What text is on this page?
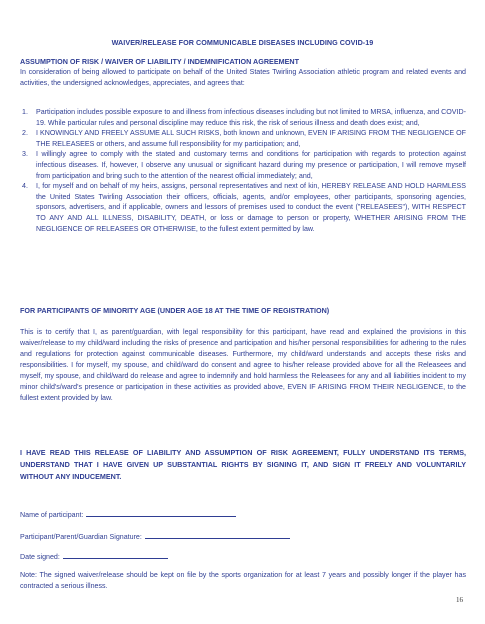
WAIVER/RELEASE FOR COMMUNICABLE DISEASES INCLUDING COVID-19
ASSUMPTION OF RISK / WAIVER OF LIABILITY / INDEMNIFICATION AGREEMENT
In consideration of being allowed to participate on behalf of the United States Twirling Association athletic program and related events and activities, the undersigned acknowledges, appreciates, and agrees that:
1. Participation includes possible exposure to and illness from infectious diseases including but not limited to MRSA, influenza, and COVID-19. While particular rules and personal discipline may reduce this risk, the risk of serious illness and death does exist; and,
2. I KNOWINGLY AND FREELY ASSUME ALL SUCH RISKS, both known and unknown, EVEN IF ARISING FROM THE NEGLIGENCE OF THE RELEASEES or others, and assume full responsibility for my participation; and,
3. I willingly agree to comply with the stated and customary terms and conditions for participation with regards to protection against infectious diseases. If, however, I observe any unusual or significant hazard during my presence or participation, I will remove myself from participation and bring such to the attention of the nearest official immediately; and,
4. I, for myself and on behalf of my heirs, assigns, personal representatives and next of kin, HEREBY RELEASE AND HOLD HARMLESS the United States Twirling Association their officers, officials, agents, and/or employees, other participants, sponsoring agencies, sponsors, advertisers, and if applicable, owners and lessors of premises used to conduct the event ("RELEASEES"), WITH RESPECT TO ANY AND ALL ILLNESS, DISABILITY, DEATH, or loss or damage to person or property, WHETHER ARISING FROM THE NEGLIGENCE OF RELEASEES OR OTHERWISE, to the fullest extent permitted by law.
FOR PARTICIPANTS OF MINORITY AGE (UNDER AGE 18 AT THE TIME OF REGISTRATION)
This is to certify that I, as parent/guardian, with legal responsibility for this participant, have read and explained the provisions in this waiver/release to my child/ward including the risks of presence and participation and his/her personal responsibilities for adhering to the rules and regulations for protection against communicable diseases. Furthermore, my child/ward understands and accepts these risks and responsibilities. I for myself, my spouse, and child/ward do consent and agree to his/her release provided above for all the Releasees and myself, my spouse, and child/ward do release and agree to indemnify and hold harmless the Releasees for any and all liabilities incident to my minor child's/ward's presence or participation in these activities as provided above, EVEN IF ARISING FROM THEIR NEGLIGENCE, to the fullest extent provided by law.
I HAVE READ THIS RELEASE OF LIABILITY AND ASSUMPTION OF RISK AGREEMENT, FULLY UNDERSTAND ITS TERMS, UNDERSTAND THAT I HAVE GIVEN UP SUBSTANTIAL RIGHTS BY SIGNING IT, AND SIGN IT FREELY AND VOLUNTARILY WITHOUT ANY INDUCEMENT.
Name of participant:
Participant/Parent/Guardian Signature:
Date signed:
Note: The signed waiver/release should be kept on file by the sports organization for at least 7 years and possibly longer if the player has contracted a serious illness.
16
